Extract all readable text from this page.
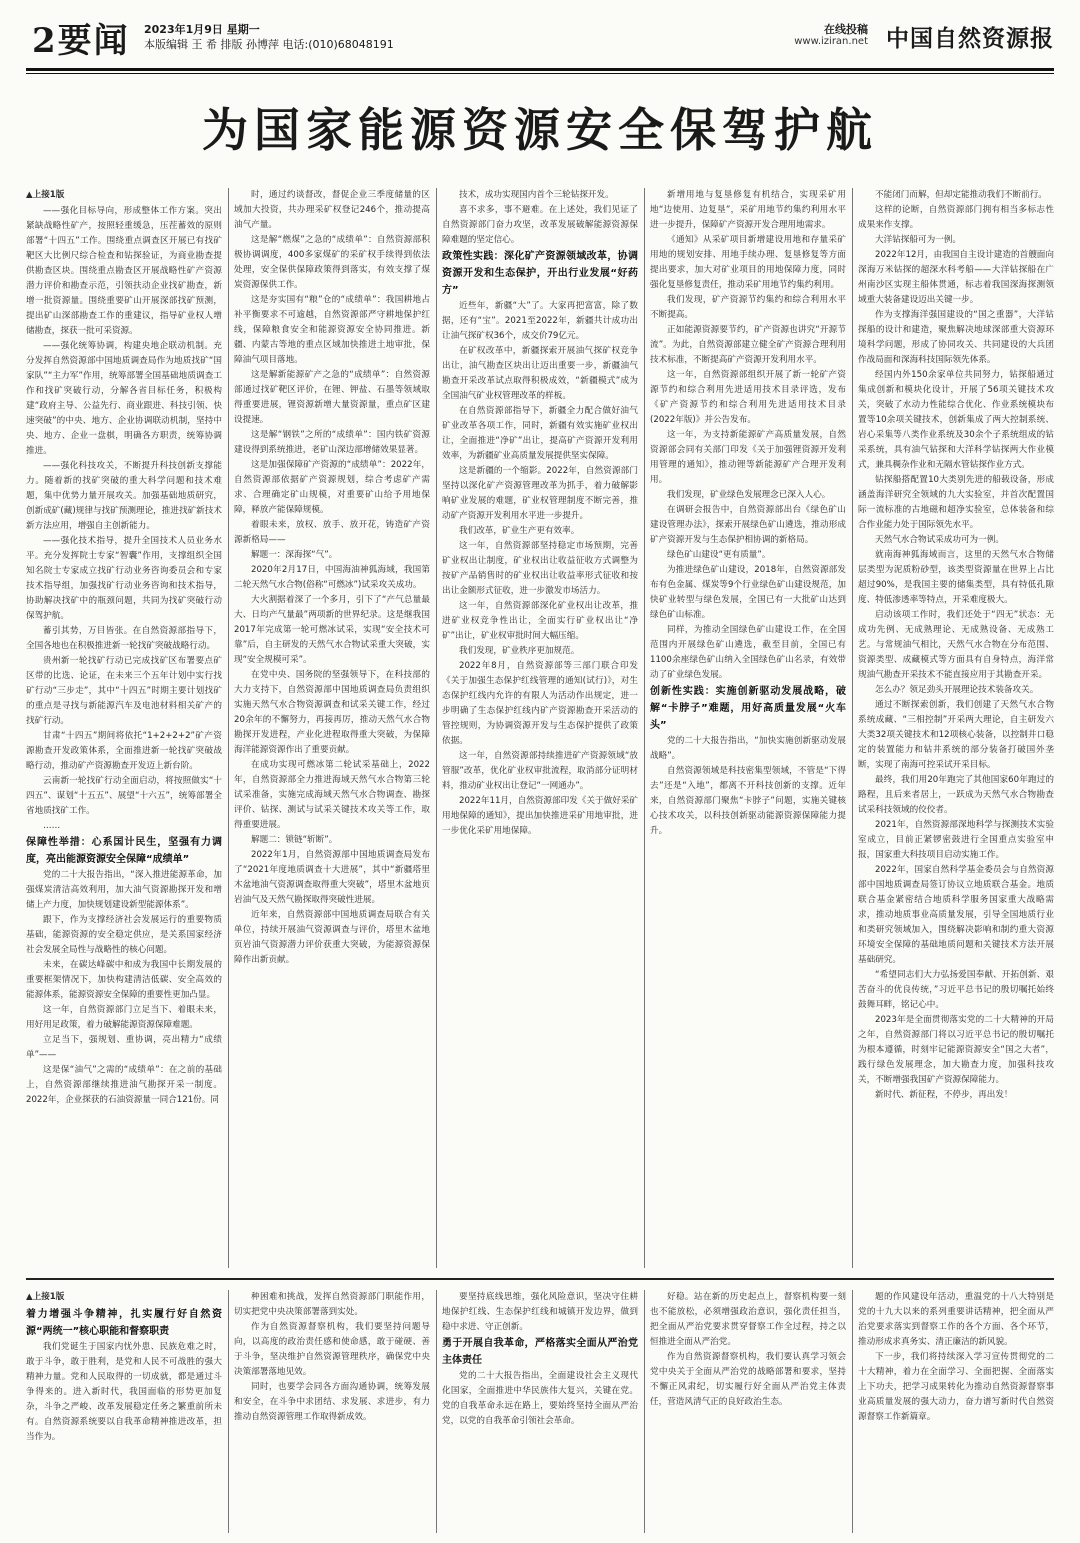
2要闻 2023年1月9日 星期一
本版编辑 王 希 排版 孙博萍 电话:(010)68048191
在线投稿
www.iziran.net 中国自然资源报
为国家能源资源安全保驾护航

▲上接1版

——强化目标导向，形成整体工作方案。突出紧缺战略性矿产，按照轻重缓急，压茬蓄效的原则部署“十四五”工作。围绕重点调查区开展已有找矿靶区大比例尺综合检查和钻探验证，为商业勘查提供勘查区块。围绕重点勘查区开展战略性矿产资源潜力评价和勘查示范，引领扶动企业找矿勘查，新增一批资源量。围绕重要矿山开展深部找矿预测，提出矿山深部勘查工作的重建议，指导矿业权人增储勘查，探获一批可采资源。

——强化统筹协调，构建央地企联动机制。充分发挥自然资源部中国地质调查局作为地质找矿“国家队”“主力军”作用，统筹部署全国基础地质调查工作和找矿突破行动，分解各省目标任务，积极构建“政府主导、公益先行、商业跟进、科技引领、快速突破”的中央、地方、企业协调联动机制，坚持中央、地方、企业一盘棋，明确各方职责，统筹协调推进。

——强化科技攻关，不断提升科技创新支撑能力。随着新的找矿突破的重大科学问题和技术难题，集中优势力量开展攻关。加强基础地质研究，创新成矿(藏)规律与找矿预测理论，推进找矿新技术新方法应用，增强自主创新能力。

——强化技术指导，提升全国技术人员业务水平。充分发挥院士专家“智囊”作用，支撑组织全国知名院士专家成立找矿行动业务咨询委员会和专家技术指导组，加强找矿行动业务咨询和技术指导，协助解决找矿中的瓶颈问题，共同为找矿突破行动保驾护航。

蓄引其势，万目皆张。在自然资源部指导下，全国各地也在积极推进新一轮找矿突破战略行动。

贵州新一轮找矿行动已完成找矿区布署要点矿区带的比选、论证，在未来三个五年计划中实行找矿行动“三步走”，其中“十四五”时期主要计划找矿的重点是寻找与新能源汽车及电池材料相关矿产的找矿行动。

甘肃“十四五”期间将依托“1+2+2+2”矿产资源勘查开发政策体系，全面推进新一轮找矿突破战略行动，推动矿产资源勘查开发迈上新台阶。

云南新一轮找矿行动全面启动，将按照做实“十四五”、谋划“十五五”、展望“十六五”，统筹部署全省地质找矿工作。

……

保障性举措：心系国计民生，坚强有力调度，亮出能源资源安全保障“成绩单”

党的二十大报告指出，“深入推进能源革命，加强煤炭清洁高效利用，加大油气资源勘探开发和增储上产力度，加快规划建设新型能源体系”。

跟下，作为支撑经济社会发展运行的重要物质基础，能源资源的安全稳定供应，是关系国家经济社会发展全局性与战略性的核心问题。

未来，在碳达峰碳中和成为我国中长期发展的重要框架情况下，加快构建清洁低碳、安全高效的能源体系，能源资源安全保障的重要性更加凸显。

这一年，自然资源部门立足当下、着眼未来，用好用足政策，着力破解能源资源保障难题。

立足当下，强规划、重协调，亮出精力“成绩单”——

这是保“油气”之需的“成绩单”：在之前的基础上，自然资源部继续推进油气勘探开采一制度。2022年，企业探获的石油资源量一同合121份。同

时，通过约谈督改，督促企业三季度储量的区域加大投资，共办理采矿权登记246个，推动提高油气产量。

这是解“燃煤”之急的“成绩单”：自然资源部积极协调调度，400多家煤矿的采矿权手续得到依法处理，安全保供保障政策得到落实，有效支撑了煤炭资源保供工作。

这是夯实国有“粮”仓的“成绩单”：我国耕地占补平衡要求不可逾越，自然资源部严守耕地保护红线，保障粮食安全和能源资源安全协同推进。新疆、内蒙古等地的重点区域加快推进土地审批，保障油气项目落地。

这是解新能源矿产之急的“成绩单”：自然资源部通过找矿靶区评价，在锂、钾盐、石墨等领域取得重要进展，锂资源新增大量资源量，重点矿区建设提速。

这是解“钢铁”之所的“成绩单”：国内铁矿资源建设得到系统推进，老矿山深边部增储效果显著。

这是加强保障矿产资源的“成绩单”：2022年，自然资源部依据矿产资源规划，综合考虑矿产需求、合理确定矿山规模，对重要矿山给予用地保障，释放产能保障规模。

着眼未来，放权、放手、放开花，铸造矿产资源新格局——

解题一：深海探“气”。

2020年2月17日，中国海油神狐海域，我国第二轮天然气水合物(俗称“可燃冰”)试采攻关成功。

大火割据着深了一个多月，引下了“产气总量最大、日均产气量最”两项新的世界纪录。这是继我国2017年完成第一轮可燃冰试采，实现“安全技术可靠”后，自主研发的天然气水合物试采重大突破，实现“安全规模可采”。

在党中央、国务院的坚强领导下，在科技部的大力支持下，自然资源部中国地质调查局负责组织实施天然气水合物资源调查和试采关键工作，经过20余年的不懈努力，再接再厉，推动天然气水合物勘探开发进程，产业化进程取得重大突破，为保障海洋能源资源作出了重要贡献。

在成功实现可燃冰第二轮试采基础上，2022年，自然资源部全力推进海域天然气水合物第三轮试采准备，实施完成海域天然气水合物调查、勘探评价、钻探、测试与试采关键技术攻关等工作，取得重要进展。

解题二：锁链“斩断”。

2022年1月，自然资源部中国地质调查局发布了“2021年度地质调查十大进展”，其中“新疆塔里木盆地油气资源调查取得重大突破”，塔里木盆地页岩油气及天然气勘探取得突破性进展。

近年来，自然资源部中国地质调查局联合有关单位，持续开展油气资源调查与评价，塔里木盆地页岩油气资源潜力评价获重大突破，为能源资源保障作出新贡献。

技术，成功实现国内首个三轮钻探开发。

喜不求多，事不避难。在上述处，我们见证了自然资源部门奋力攻坚，改革发展破解能源资源保障难题的坚定信心。

政策性实践：深化矿产资源领域改革，协调资源开发和生态保护，开出行业发展“好药方”

近些年，新疆“大”了。大家再把富富，除了数据，还有“宝”。2021至2022年，新疆共计成功出让油气探矿权36个，成交价79亿元。

在矿权改革中，新疆探索开展油气探矿权竞争出让，油气勘查区块出让迈出重要一步，新疆油气勘查开采改革试点取得积极成效，“新疆模式”成为全国油气矿业权管理改革的样板。

在自然资源部指导下，新疆全力配合做好油气矿业改革各项工作，同时，新疆有效实施矿业权出让，全面推进“净矿”出让，提高矿产资源开发利用效率，为新疆矿业高质量发展提供坚实保障。

这是新疆的一个缩影。2022年，自然资源部门坚持以深化矿产资源管理改革为抓手，着力破解影响矿业发展的难题，矿业权管理制度不断完善，推动矿产资源开发利用水平进一步提升。

我们改革，矿业生产更有效率。

这一年，自然资源部坚持稳定市场预期，完善矿业权出让制度，矿业权出让收益征收方式调整为按矿产品销售时的矿业权出让收益率形式征收和按出让金额形式征收，进一步激发市场活力。

这一年，自然资源部深化矿业权出让改革，推进矿业权竞争性出让，全面实行矿业权出让“净矿”出让，矿业权审批时间大幅压缩。

我们发现，矿业秩序更加规范。

2022年8月，自然资源部等三部门联合印发《关于加强生态保护红线管理的通知(试行)》，对生态保护红线内允许的有限人为活动作出规定，进一步明确了生态保护红线内矿产资源勘查开采活动的管控规则，为协调资源开发与生态保护提供了政策依据。

这一年，自然资源部持续推进矿产资源领域“放管服”改革，优化矿业权审批流程，取消部分证明材料，推动矿业权出让登记“一网通办”。

2022年11月，自然资源部印发《关于做好采矿用地保障的通知》，提出加快推进采矿用地审批，进一步优化采矿用地保障。

新增用地与复垦修复有机结合，实现采矿用地“边使用、边复垦”，采矿用地节约集约利用水平进一步提升，保障矿产资源开发合理用地需求。

《通知》从采矿项目新增建设用地和存量采矿用地的规划安排、用地手续办理、复垦修复等方面提出要求，加大对矿业项目的用地保障力度，同时强化复垦修复责任，推动采矿用地节约集约利用。

我们发现，矿产资源节约集约和综合利用水平不断提高。

正如能源资源要节约，矿产资源也讲究“开源节流”。为此，自然资源部建立健全矿产资源合理利用技术标准，不断提高矿产资源开发利用水平。

这一年，自然资源部组织开展了新一轮矿产资源节约和综合利用先进适用技术目录评选，发布《矿产资源节约和综合利用先进适用技术目录(2022年版)》并公告发布。

这一年，为支持新能源矿产高质量发展，自然资源部会同有关部门印发《关于加强锂资源开发利用管理的通知》，推动锂等新能源矿产合理开发利用。

我们发现，矿业绿色发展理念已深入人心。

在调研会报告中，自然资源部出台《绿色矿山建设管理办法》，探索开展绿色矿山遴选，推动形成矿产资源开发与生态保护相协调的新格局。

绿色矿山建设“更有质量”。

为推进绿色矿山建设，2018年，自然资源部发布有色金属、煤炭等9个行业绿色矿山建设规范，加快矿业转型与绿色发展，全国已有一大批矿山达到绿色矿山标准。

同样，为推动全国绿色矿山建设工作，在全国范围内开展绿色矿山遴选，截至目前，全国已有1100余座绿色矿山纳入全国绿色矿山名录，有效带动了矿业绿色发展。

创新性实践：实施创新驱动发展战略，破解“卡脖子”难题，用好高质量发展“火车头”

党的二十大报告指出，“加快实施创新驱动发展战略”。

自然资源领域是科技密集型领域，不管是“下得去”还是“入地”，都离不开科技创新的支撑。近年来，自然资源部门聚焦“卡脖子”问题，实施关键核心技术攻关，以科技创新驱动能源资源保障能力提升。

不能闭门而解，但却定能推动我们不断前行。

这样的论断，自然资源部门拥有相当多标志性成果来作支撑。

大洋钻探船可为一例。

2022年12月，由我国自主设计建造的首艘面向深海万米钻探的超深水科考船——大洋钻探船在广州南沙区实现主船体贯通，标志着我国深海探测领域重大装备建设迈出关键一步。

作为支撑海洋强国建设的“国之重器”，大洋钻探船的设计和建造，聚焦解决地球深部重大资源环境科学问题，形成了协同攻关、共同建设的大兵团作战局面和深海科技国际领先体系。

经国内外150余家单位共同努力，钻探船通过集成创新和模块化设计，开展了56项关键技术攻关，突破了水动力性能综合优化、作业系统模块布置等10余项关键技术，创新集成了两大控制系统、岩心采集等八类作业系统及30余个子系统组成的钻采系统，具有油气钻探和大洋科学钻探两大作业模式，兼具稠杂作业和无隔水管钻探作业方式。

钻探船搭配置10大类别先进的船载设备，形成涵盖海洋研究全领域的九大实验室，并首次配置国际一流标准的古地磁和超净实验室，总体装备和综合作业能力处于国际领先水平。

天然气水合物试采成功可为一例。

就南海神狐海域而言，这里的天然气水合物储层类型为泥质粉砂型，该类型资源量在世界上占比超过90%，是我国主要的储集类型，具有特低孔隙度、特低渗透率等特点，开采难度极大。

启动该项工作时，我们还处于“四无”状态：无成功先例、无成熟理论、无成熟设备、无成熟工艺。与常规油气相比，天然气水合物在分布范围、资源类型、成藏模式等方面具有自身特点，海洋常规油气勘查开采技术不能直接应用于其勘查开采。

怎么办？领足劲头开展理论技术装备攻关。

通过不断探索创新，我们创建了天然气水合物系统成藏、“三相控制”开采两大理论，自主研发六大类32项关键技术和12项核心装备，以控制井口稳定的装置能力和钻井系统的部分装备打破国外垄断，实现了南海可控采试开采目标。

最终，我们用20年跑完了其他国家60年跑过的路程，且后来者居上，一跃成为天然气水合物勘查试采科技领域的佼佼者。

2021年，自然资源部深地科学与探测技术实验室成立，目前正紧锣密鼓进行全国重点实验室申报，国家重大科技项目启动实施工作。

2022年，国家自然科学基金委员会与自然资源部中国地质调查局签订协议立地质联合基金。地质联合基金紧密结合地质科学服务国家重大战略需求，推动地质事业高质量发展，引导全国地质行业和类研究领域加入，围绕解决影响和制约重大资源环境安全保障的基础地质问题和关键技术方法开展基础研究。

“希望同志们大力弘扬爱国奉献、开拓创新、艰苦奋斗的优良传统，”习近平总书记的殷切嘱托始终鼓舞耳畔，铭记心中。

2023年是全面贯彻落实党的二十大精神的开局之年，自然资源部门将以习近平总书记的殷切嘱托为根本遵循，时刻牢记能源资源安全“国之大者”，践行绿色发展理念，加大勘查力度，加强科技攻关，不断增强我国矿产资源保障能力。

新时代、新征程，不停步，再出发！

▲上接1版

着力增强斗争精神，扎实履行好自然资源“两统一”核心职能和督察职责

我们党诞生于国家内忧外患、民族危难之时，敢于斗争，敢于胜利，是党和人民不可战胜的强大精神力量。党和人民取得的一切成就，都是通过斗争得来的。进入新时代，我国面临的形势更加复杂，斗争之严峻、改革发展稳定任务之繁重前所未有。自然资源系统要以自我革命精神推进改革，担当作为。

种困难和挑战，发挥自然资源部门职能作用，切实把党中央决策部署落到实处。

作为自然资源督察机构，我们要坚持问题导向，以高度的政治责任感和使命感，敢于碰硬、善于斗争，坚决维护自然资源管理秩序，确保党中央决策部署落地见效。

同时，也要学会同各方面沟通协调，统筹发展和安全，在斗争中求团结、求发展、求进步，有力推动自然资源管理工作取得新成效。

要坚持底线思维，强化风险意识，坚决守住耕地保护红线、生态保护红线和城镇开发边界，做到稳中求进、守正创新。

勇于开展自我革命，严格落实全面从严治党主体责任

党的二十大报告指出，全面建设社会主义现代化国家，全面推进中华民族伟大复兴，关键在党。党的自我革命永远在路上，要始终坚持全面从严治党，以党的自我革命引领社会革命。

好稳。站在新的历史起点上，督察机构要一刻也不能放松，必须增强政治意识，强化责任担当，把全面从严治党要求贯穿督察工作全过程，持之以恒推进全面从严治党。

作为自然资源督察机构，我们要认真学习领会党中央关于全面从严治党的战略部署和要求，坚持不懈正风肃纪，切实履行好全面从严治党主体责任，营造风清气正的良好政治生态。

题的作风建设年活动，重温党的十八大特别是党的十九大以来的系列重要讲话精神，把全面从严治党要求落实到督察工作的各个方面、各个环节，推动形成求真务实、清正廉洁的新风貌。

下一步，我们将持续深入学习宣传贯彻党的二十大精神，着力在全面学习、全面把握、全面落实上下功夫，把学习成果转化为推动自然资源督察事业高质量发展的强大动力，奋力谱写新时代自然资源督察工作新篇章。
